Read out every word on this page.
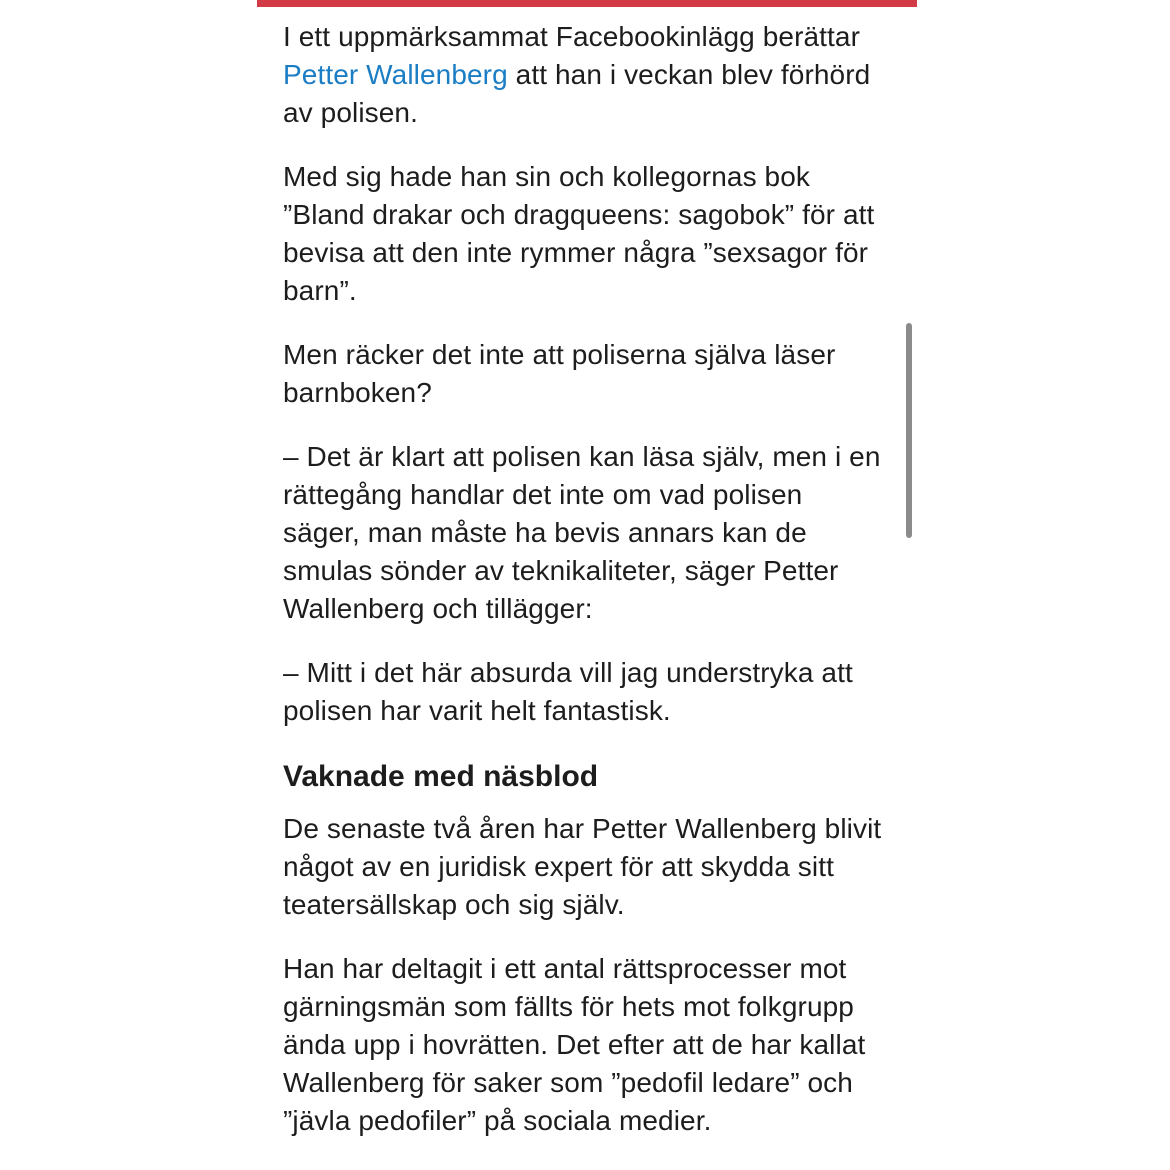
I ett uppmärksammat Facebookinlägg berättar Petter Wallenberg att han i veckan blev förhörd av polisen.

Med sig hade han sin och kollegornas bok ”Bland drakar och dragqueens: sagobok” för att bevisa att den inte rymmer några ”sexsagor för barn”.

Men räcker det inte att poliserna själva läser barnboken?

– Det är klart att polisen kan läsa själv, men i en rättegång handlar det inte om vad polisen säger, man måste ha bevis annars kan de smulas sönder av teknikaliteter, säger Petter Wallenberg och tillägger:

– Mitt i det här absurda vill jag understryka att polisen har varit helt fantastisk.

Vaknade med näsblod

De senaste två åren har Petter Wallenberg blivit något av en juridisk expert för att skydda sitt teatersällskap och sig själv.

Han har deltagit i ett antal rättsprocesser mot gärningsmän som fällts för hets mot folkgrupp ända upp i hovrätten. Det efter att de har kallat Wallenberg för saker som ”pedofil ledare” och ”jävla pedofiler” på sociala medier.
